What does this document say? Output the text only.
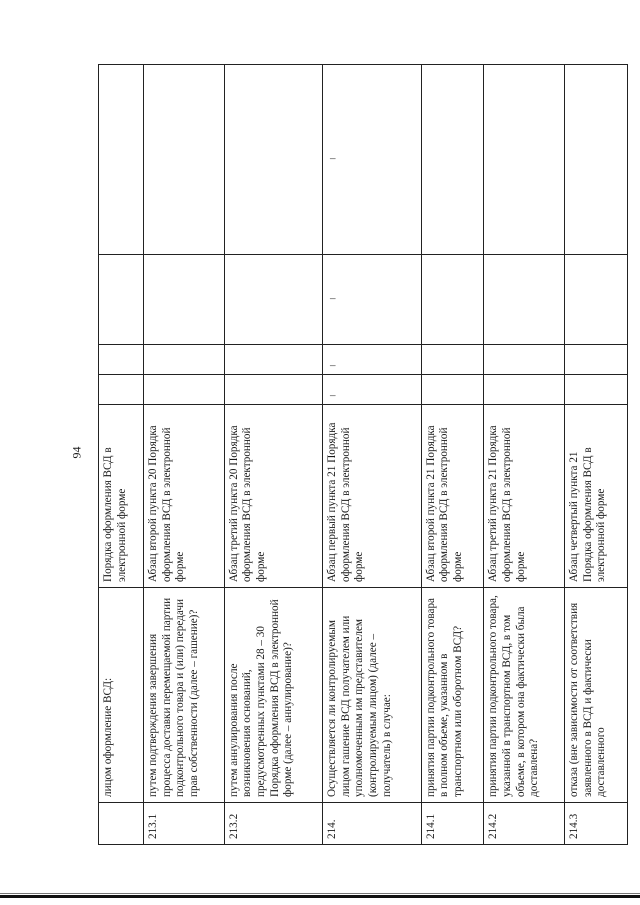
94
	лицом оформление ВСД:	Порядка оформления ВСД в электронной форме				
213.1	путем подтверждения завершения процесса доставки перемещаемой партии подконтрольного товара и (или) передачи прав собственности (далее – гашение)?	Абзац второй пункта 20 Порядка оформления ВСД в электронной форме				
213.2	путем аннулирования после возникновения оснований, предусмотренных пунктами 28 – 30 Порядка оформления ВСД в электронной форме (далее – аннулирование)?	Абзац третий пункта 20 Порядка оформления ВСД в электронной форме				
214.	Осуществляется ли контролируемым лицом гашение ВСД получателем или уполномоченным им представителем (контролируемым лицом) (далее – получатель) в случае:	Абзац первый пункта 21 Порядка оформления ВСД в электронной форме	–	–	–	–
214.1	принятия партии подконтрольного товара в полном объеме, указанном в транспортном или оборотном ВСД?	Абзац второй пункта 21 Порядка оформления ВСД в электронной форме				
214.2	принятия партии подконтрольного товара, указанной в транспортном ВСД, в том объеме, в котором она фактически была доставлена?	Абзац третий пункта 21 Порядка оформления ВСД в электронной форме				
214.3	отказа (вне зависимости от соответствия заявленного в ВСД и фактически доставленного	Абзац четвертый пункта 21 Порядка оформления ВСД в электронной форме				
